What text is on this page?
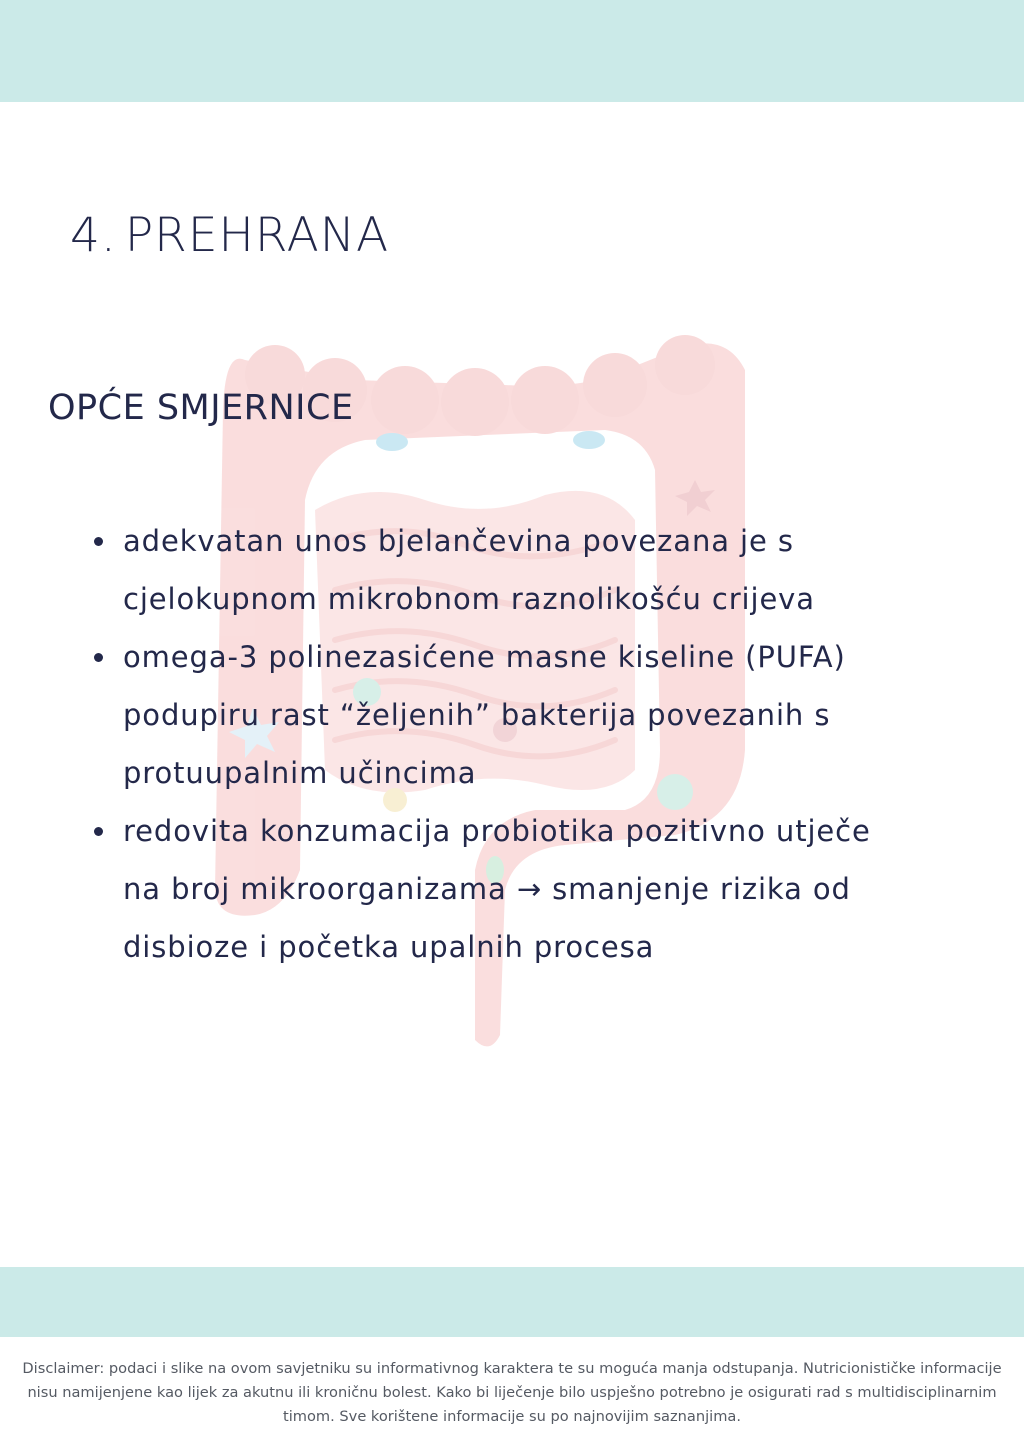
4. PREHRANA
OPĆE SMJERNICE
adekvatan unos bjelančevina povezana je s
cjelokupnom mikrobnom raznolikošću crijeva
omega-3 polinezasićene masne kiseline (PUFA)
podupiru rast “željenih” bakterija povezanih s
protuupalnim učincima
redovita konzumacija probiotika pozitivno utječe
na broj mikroorganizama → smanjenje rizika od
disbioze i početka upalnih procesa
Disclaimer: podaci i slike na ovom savjetniku su informativnog karaktera te su moguća manja odstupanja. Nutricionističke informacije
nisu namijenjene kao lijek za akutnu ili kroničnu bolest. Kako bi liječenje bilo uspješno potrebno je osigurati rad s multidisciplinarnim
timom. Sve korištene informacije su po najnovijim saznanjima.
